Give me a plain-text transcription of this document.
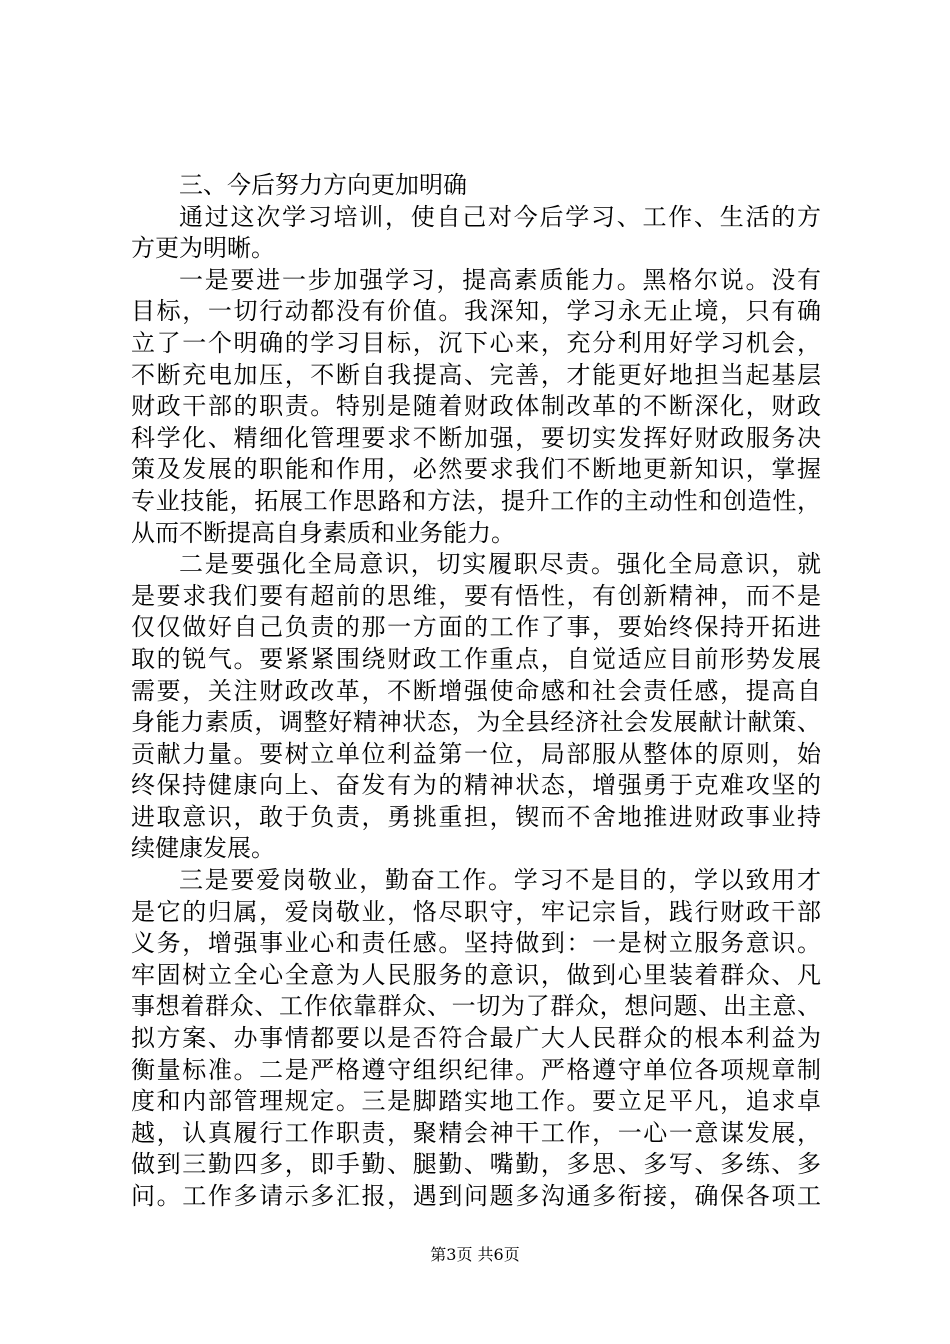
三、今后努力方向更加明确
通过这次学习培训，使自己对今后学习、工作、生活的方
方更为明晰。
一是要进一步加强学习，提高素质能力。黑格尔说。没有
目标，一切行动都没有价值。我深知，学习永无止境，只有确
立了一个明确的学习目标，沉下心来，充分利用好学习机会，
不断充电加压，不断自我提高、完善，才能更好地担当起基层
财政干部的职责。特别是随着财政体制改革的不断深化，财政
科学化、精细化管理要求不断加强，要切实发挥好财政服务决
策及发展的职能和作用，必然要求我们不断地更新知识，掌握
专业技能，拓展工作思路和方法，提升工作的主动性和创造性，
从而不断提高自身素质和业务能力。
二是要强化全局意识，切实履职尽责。强化全局意识，就
是要求我们要有超前的思维，要有悟性，有创新精神，而不是
仅仅做好自己负责的那一方面的工作了事，要始终保持开拓进
取的锐气。要紧紧围绕财政工作重点，自觉适应目前形势发展
需要，关注财政改革，不断增强使命感和社会责任感，提高自
身能力素质，调整好精神状态，为全县经济社会发展献计献策、
贡献力量。要树立单位利益第一位，局部服从整体的原则，始
终保持健康向上、奋发有为的精神状态，增强勇于克难攻坚的
进取意识，敢于负责，勇挑重担，锲而不舍地推进财政事业持
续健康发展。
三是要爱岗敬业，勤奋工作。学习不是目的，学以致用才
是它的归属，爱岗敬业，恪尽职守，牢记宗旨，践行财政干部
义务，增强事业心和责任感。坚持做到：一是树立服务意识。
牢固树立全心全意为人民服务的意识，做到心里装着群众、凡
事想着群众、工作依靠群众、一切为了群众，想问题、出主意、
拟方案、办事情都要以是否符合最广大人民群众的根本利益为
衡量标准。二是严格遵守组织纪律。严格遵守单位各项规章制
度和内部管理规定。三是脚踏实地工作。要立足平凡，追求卓
越，认真履行工作职责，聚精会神干工作，一心一意谋发展，
做到三勤四多，即手勤、腿勤、嘴勤，多思、多写、多练、多
问。工作多请示多汇报，遇到问题多沟通多衔接，确保各项工
第3页 共6页
